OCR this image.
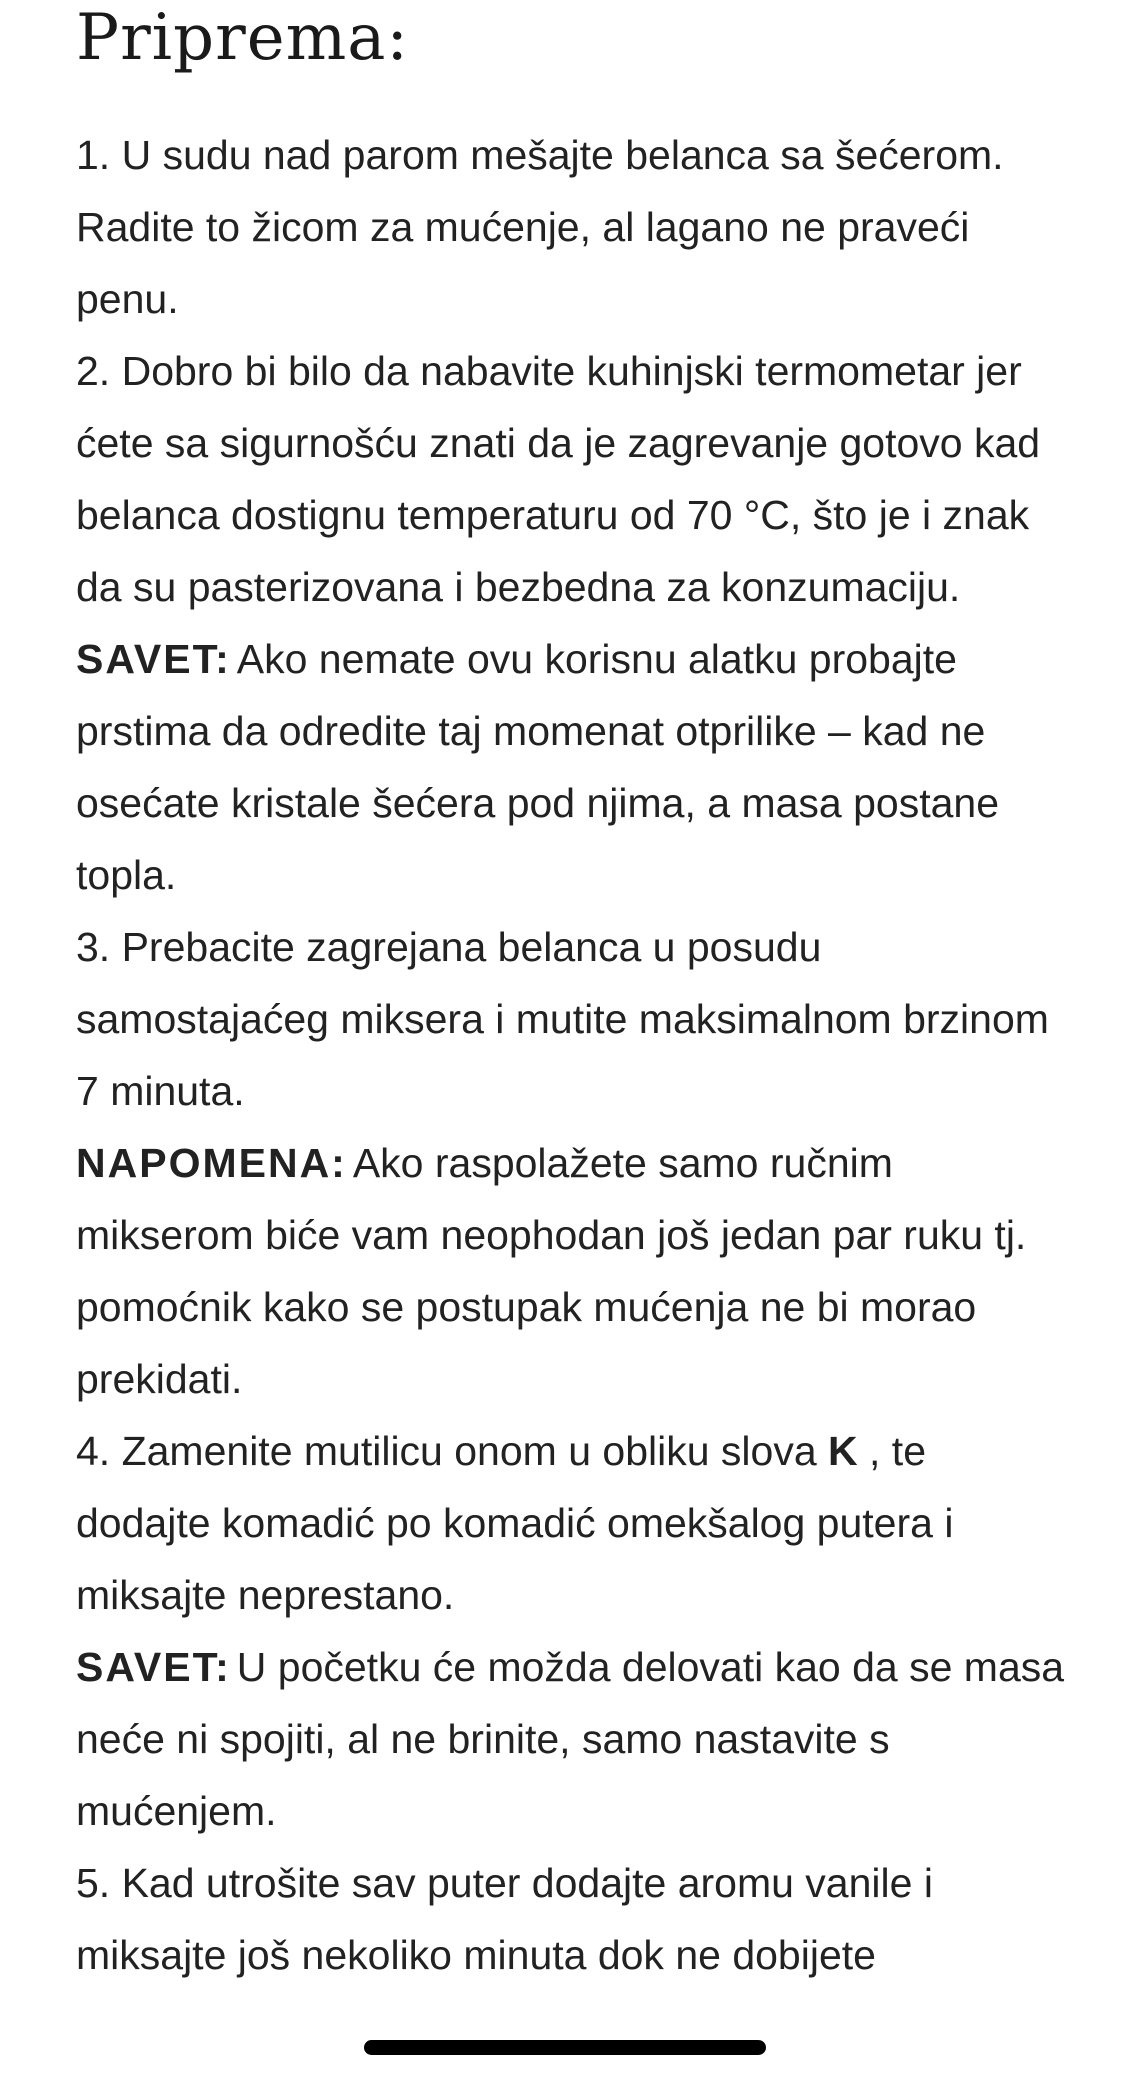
Priprema:

1. U sudu nad parom mešajte belanca sa šećerom. Radite to žicom za mućenje, al lagano ne praveći penu.

2. Dobro bi bilo da nabavite kuhinjski termometar jer ćete sa sigurnošću znati da je zagrevanje gotovo kad belanca dostignu temperaturu od 70 °C, što je i znak da su pasterizovana i bezbedna za konzumaciju.

SAVET: Ako nemate ovu korisnu alatku probajte prstima da odredite taj momenat otprilike – kad ne osećate kristale šećera pod njima, a masa postane topla.

3. Prebacite zagrejana belanca u posudu samostajaćeg miksera i mutite maksimalnom brzinom 7 minuta.

NAPOMENA: Ako raspolažete samo ručnim mikserom biće vam neophodan još jedan par ruku tj. pomoćnik kako se postupak mućenja ne bi morao prekidati.

4. Zamenite mutilicu onom u obliku slova K , te dodajte komadić po komadić omekšalog putera i miksajte neprestano.

SAVET: U početku će možda delovati kao da se masa neće ni spojiti, al ne brinite, samo nastavite s mućenjem.

5. Kad utrošite sav puter dodajte aromu vanile i miksajte još nekoliko minuta dok ne dobijete
